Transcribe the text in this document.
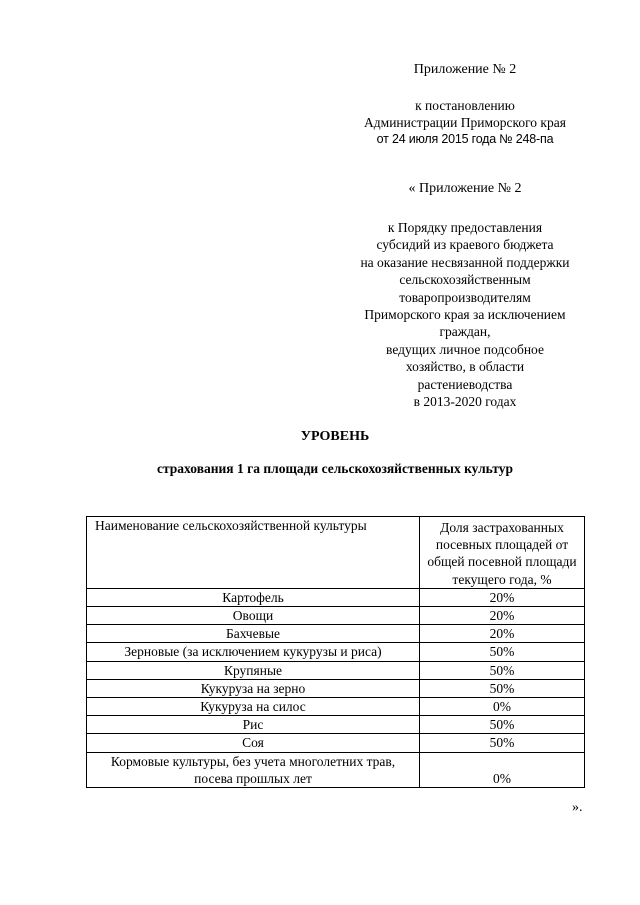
Приложение № 2
к постановлению
Администрации Приморского края
от 24 июля 2015 года № 248-па
« Приложение № 2
к Порядку предоставления
субсидий из краевого бюджета
на оказание несвязанной поддержки
сельскохозяйственным
товаропроизводителям
Приморского края за исключением
граждан,
ведущих личное подсобное
хозяйство, в области
растениеводства
в 2013-2020 годах
УРОВЕНЬ
страхования 1 га площади сельскохозяйственных культур
Наименование сельскохозяйственной культуры	Доля застрахованных посевных площадей от общей посевной площади текущего года, %
Картофель	20%
Овощи	20%
Бахчевые	20%
Зерновые (за исключением кукурузы и риса)	50%
Крупяные	50%
Кукуруза на зерно	50%
Кукуруза на силос	0%
Рис	50%
Соя	50%
Кормовые культуры, без учета многолетних трав, посева прошлых лет	0%
».
